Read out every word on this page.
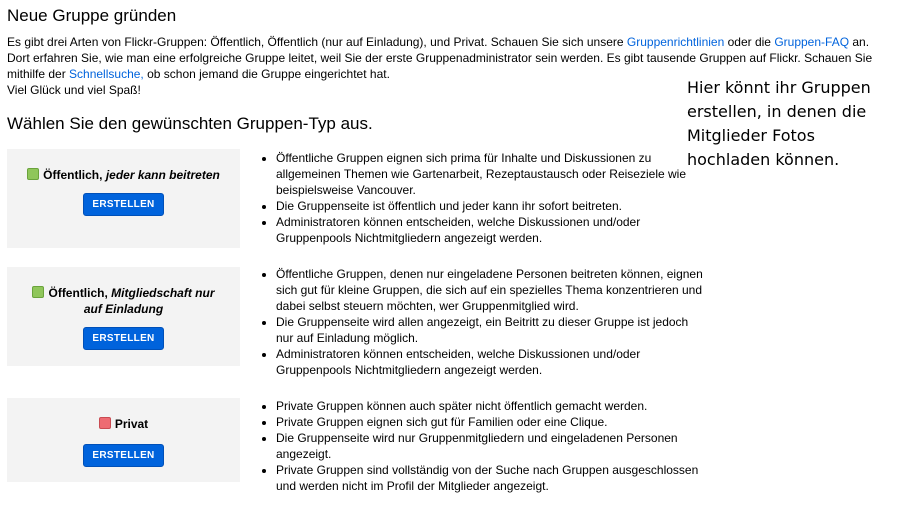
Neue Gruppe gründen
Es gibt drei Arten von Flickr-Gruppen: Öffentlich, Öffentlich (nur auf Einladung), und Privat. Schauen Sie sich unsere Gruppenrichtlinien oder die Gruppen-FAQ an. Dort erfahren Sie, wie man eine erfolgreiche Gruppe leitet, weil Sie der erste Gruppenadministrator sein werden. Es gibt tausende Gruppen auf Flickr. Schauen Sie mithilfe der Schnellsuche, ob schon jemand die Gruppe eingerichtet hat.
Viel Glück und viel Spaß!	Hier könnt ihr Gruppen erstellen, in denen die Mitglieder Fotos hochladen können.
Wählen Sie den gewünschten Gruppen-Typ aus.
Öffentlich, jeder kann beitreten
ERSTELLEN
• Öffentliche Gruppen eignen sich prima für Inhalte und Diskussionen zu allgemeinen Themen wie Gartenarbeit, Rezeptaustausch oder Reiseziele wie beispielsweise Vancouver.
• Die Gruppenseite ist öffentlich und jeder kann ihr sofort beitreten.
• Administratoren können entscheiden, welche Diskussionen und/oder Gruppenpools Nichtmitgliedern angezeigt werden.
Öffentlich, Mitgliedschaft nur auf Einladung
ERSTELLEN
• Öffentliche Gruppen, denen nur eingeladene Personen beitreten können, eignen sich gut für kleine Gruppen, die sich auf ein spezielles Thema konzentrieren und dabei selbst steuern möchten, wer Gruppenmitglied wird.
• Die Gruppenseite wird allen angezeigt, ein Beitritt zu dieser Gruppe ist jedoch nur auf Einladung möglich.
• Administratoren können entscheiden, welche Diskussionen und/oder Gruppenpools Nichtmitgliedern angezeigt werden.
Privat
ERSTELLEN
• Private Gruppen können auch später nicht öffentlich gemacht werden.
• Private Gruppen eignen sich gut für Familien oder eine Clique.
• Die Gruppenseite wird nur Gruppenmitgliedern und eingeladenen Personen angezeigt.
• Private Gruppen sind vollständig von der Suche nach Gruppen ausgeschlossen und werden nicht im Profil der Mitglieder angezeigt.
